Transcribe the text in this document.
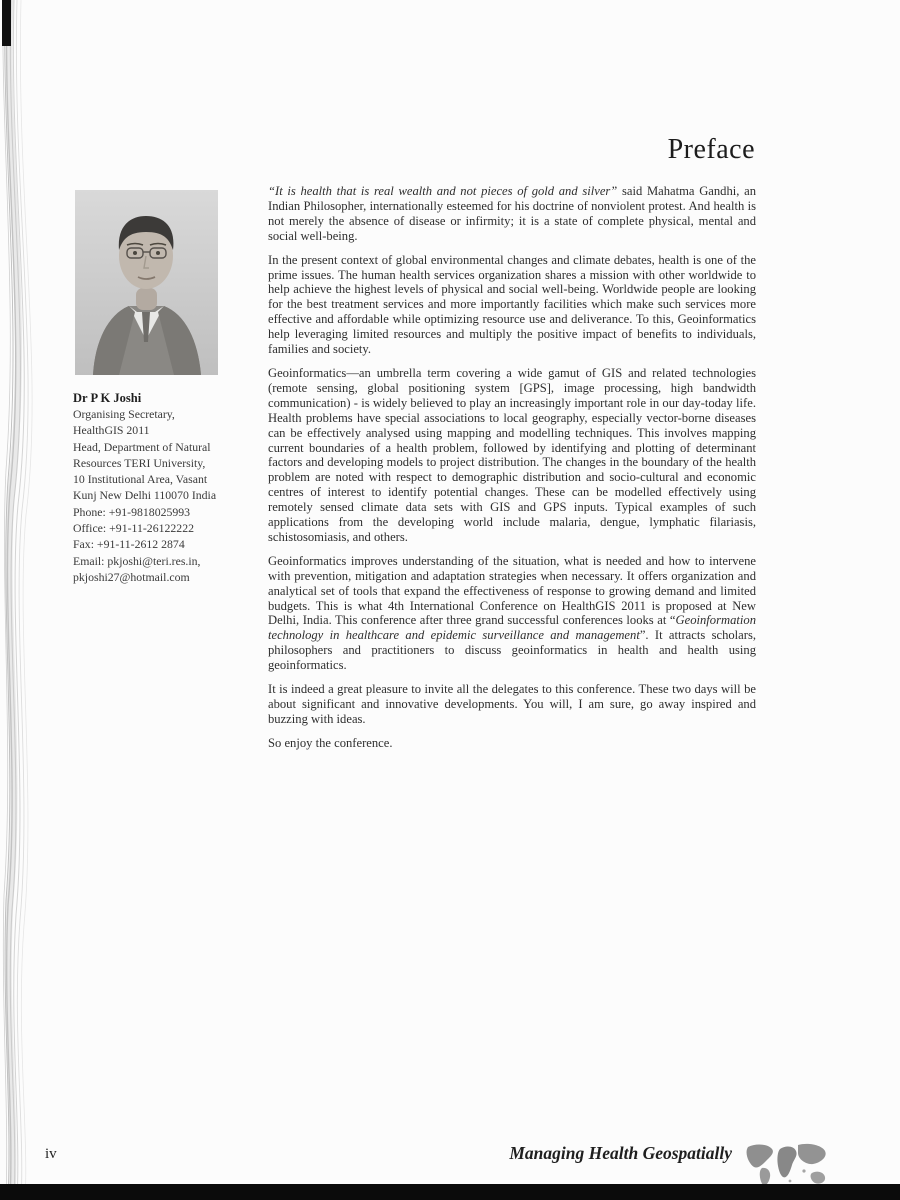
Preface
Dr P K Joshi
Organising Secretary,
HealthGIS 2011
Head, Department of Natural
Resources TERI University,
10 Institutional Area, Vasant
Kunj New Delhi 110070 India
Phone: +91-9818025993
Office: +91-11-26122222
Fax: +91-11-2612 2874
Email: pkjoshi@teri.res.in,
pkjoshi27@hotmail.com

“It is health that is real wealth and not pieces of gold and silver” said Mahatma Gandhi, an Indian Philosopher, internationally esteemed for his doctrine of nonviolent protest. And health is not merely the absence of disease or infirmity; it is a state of complete physical, mental and social well-being.

In the present context of global environmental changes and climate debates, health is one of the prime issues. The human health services organization shares a mission with other worldwide to help achieve the highest levels of physical and social well-being. Worldwide people are looking for the best treatment services and more importantly facilities which make such services more effective and affordable while optimizing resource use and deliverance. To this, Geoinformatics help leveraging limited resources and multiply the positive impact of benefits to individuals, families and society.

Geoinformatics—an umbrella term covering a wide gamut of GIS and related technologies (remote sensing, global positioning system [GPS], image processing, high bandwidth communication) - is widely believed to play an increasingly important role in our day-today life. Health problems have special associations to local geography, especially vector-borne diseases can be effectively analysed using mapping and modelling techniques. This involves mapping current boundaries of a health problem, followed by identifying and plotting of determinant factors and developing models to project distribution. The changes in the boundary of the health problem are noted with respect to demographic distribution and socio-cultural and economic centres of interest to identify potential changes. These can be modelled effectively using remotely sensed climate data sets with GIS and GPS inputs. Typical examples of such applications from the developing world include malaria, dengue, lymphatic filariasis, schistosomiasis, and others.

Geoinformatics improves understanding of the situation, what is needed and how to intervene with prevention, mitigation and adaptation strategies when necessary. It offers organization and analytical set of tools that expand the effectiveness of response to growing demand and limited budgets. This is what 4th International Conference on HealthGIS 2011 is proposed at New Delhi, India. This conference after three grand successful conferences looks at “Geoinformation technology in healthcare and epidemic surveillance and management”. It attracts scholars, philosophers and practitioners to discuss geoinformatics in health and health using geoinformatics.

It is indeed a great pleasure to invite all the delegates to this conference. These two days will be about significant and innovative developments. You will, I am sure, go away inspired and buzzing with ideas.

So enjoy the conference.

iv	Managing Health Geospatially
